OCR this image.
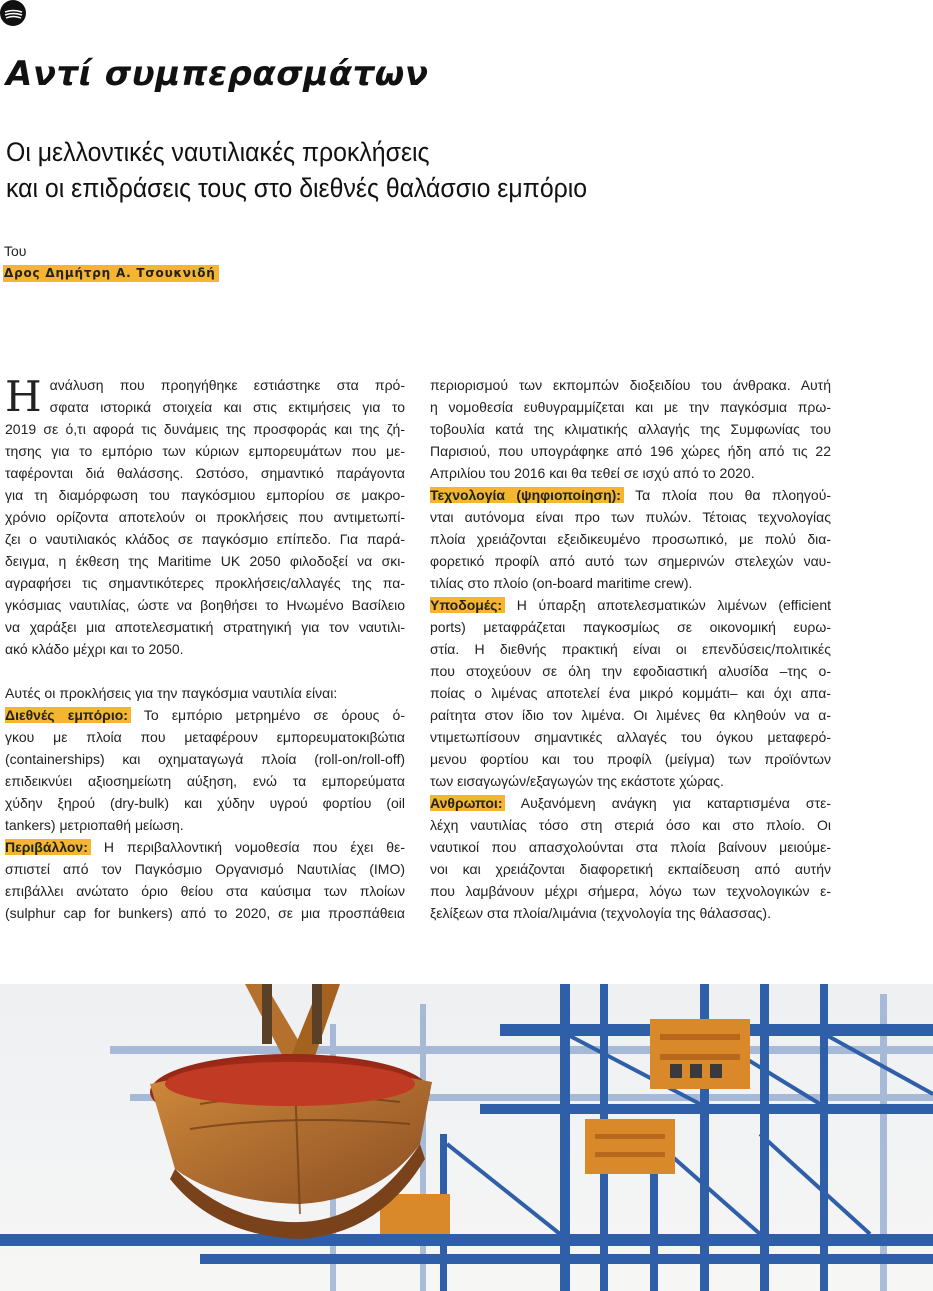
Αντί συμπερασμάτων
Οι μελλοντικές ναυτιλιακές προκλήσεις
και οι επιδράσεις τους στο διεθνές θαλάσσιο εμπόριο
Του
Δρος Δημήτρη Α. Τσουκνιδή
Η ανάλυση που προηγήθηκε εστιάστηκε στα πρό-
σφατα ιστορικά στοιχεία και στις εκτιμήσεις για το
2019 σε ό,τι αφορά τις δυνάμεις της προσφοράς και της ζή-
τησης για το εμπόριο των κύριων εμπορευμάτων που με-
ταφέρονται διά θαλάσσης. Ωστόσο, σημαντικό παράγοντα
για τη διαμόρφωση του παγκόσμιου εμπορίου σε μακρο-
χρόνιο ορίζοντα αποτελούν οι προκλήσεις που αντιμετωπί-
ζει ο ναυτιλιακός κλάδος σε παγκόσμιο επίπεδο. Για παρά-
δειγμα, η έκθεση της Maritime UK 2050 φιλοδοξεί να σκι-
αγραφήσει τις σημαντικότερες προκλήσεις/αλλαγές της πα-
γκόσμιας ναυτιλίας, ώστε να βοηθήσει το Ηνωμένο Βασίλειο
να χαράξει μια αποτελεσματική στρατηγική για τον ναυτιλι-
ακό κλάδο μέχρι και το 2050.
Αυτές οι προκλήσεις για την παγκόσμια ναυτιλία είναι:
Διεθνές εμπόριο: Το εμπόριο μετρημένο σε όρους ό-
γκου με πλοία που μεταφέρουν εμπορευματοκιβώτια
(containerships) και οχηματαγωγά πλοία (roll-on/roll-off)
επιδεικνύει αξιοσημείωτη αύξηση, ενώ τα εμπορεύματα
χύδην ξηρού (dry-bulk) και χύδην υγρού φορτίου (oil
tankers) μετριοπαθή μείωση.
Περιβάλλον: Η περιβαλλοντική νομοθεσία που έχει θε-
σπιστεί από τον Παγκόσμιο Οργανισμό Ναυτιλίας (IMO)
επιβάλλει ανώτατο όριο θείου στα καύσιμα των πλοίων
(sulphur cap for bunkers) από το 2020, σε μια προσπάθεια
περιορισμού των εκπομπών διοξειδίου του άνθρακα. Αυτή
η νομοθεσία ευθυγραμμίζεται και με την παγκόσμια πρω-
τοβουλία κατά της κλιματικής αλλαγής της Συμφωνίας του
Παρισιού, που υπογράφηκε από 196 χώρες ήδη από τις 22
Απριλίου του 2016 και θα τεθεί σε ισχύ από το 2020.
Τεχνολογία (ψηφιοποίηση): Τα πλοία που θα πλοηγού-
νται αυτόνομα είναι προ των πυλών. Τέτοιας τεχνολογίας
πλοία χρειάζονται εξειδικευμένο προσωπικό, με πολύ δια-
φορετικό προφίλ από αυτό των σημερινών στελεχών ναυ-
τιλίας στο πλοίο (on-board maritime crew).
Υποδομές: Η ύπαρξη αποτελεσματικών λιμένων (efficient
ports) μεταφράζεται παγκοσμίως σε οικονομική ευρω-
στία. Η διεθνής πρακτική είναι οι επενδύσεις/πολιτικές
που στοχεύουν σε όλη την εφοδιαστική αλυσίδα –της ο-
ποίας ο λιμένας αποτελεί ένα μικρό κομμάτι– και όχι απα-
ραίτητα στον ίδιο τον λιμένα. Οι λιμένες θα κληθούν να α-
ντιμετωπίσουν σημαντικές αλλαγές του όγκου μεταφερό-
μενου φορτίου και του προφίλ (μείγμα) των προϊόντων
των εισαγωγών/εξαγωγών της εκάστοτε χώρας.
Ανθρωποι: Αυξανόμενη ανάγκη για καταρτισμένα στε-
λέχη ναυτιλίας τόσο στη στεριά όσο και στο πλοίο. Οι
ναυτικοί που απασχολούνται στα πλοία βαίνουν μειούμε-
νοι και χρειάζονται διαφορετική εκπαίδευση από αυτήν
που λαμβάνουν μέχρι σήμερα, λόγω των τεχνολογικών ε-
ξελίξεων στα πλοία/λιμάνια (τεχνολογία της θάλασσας).
